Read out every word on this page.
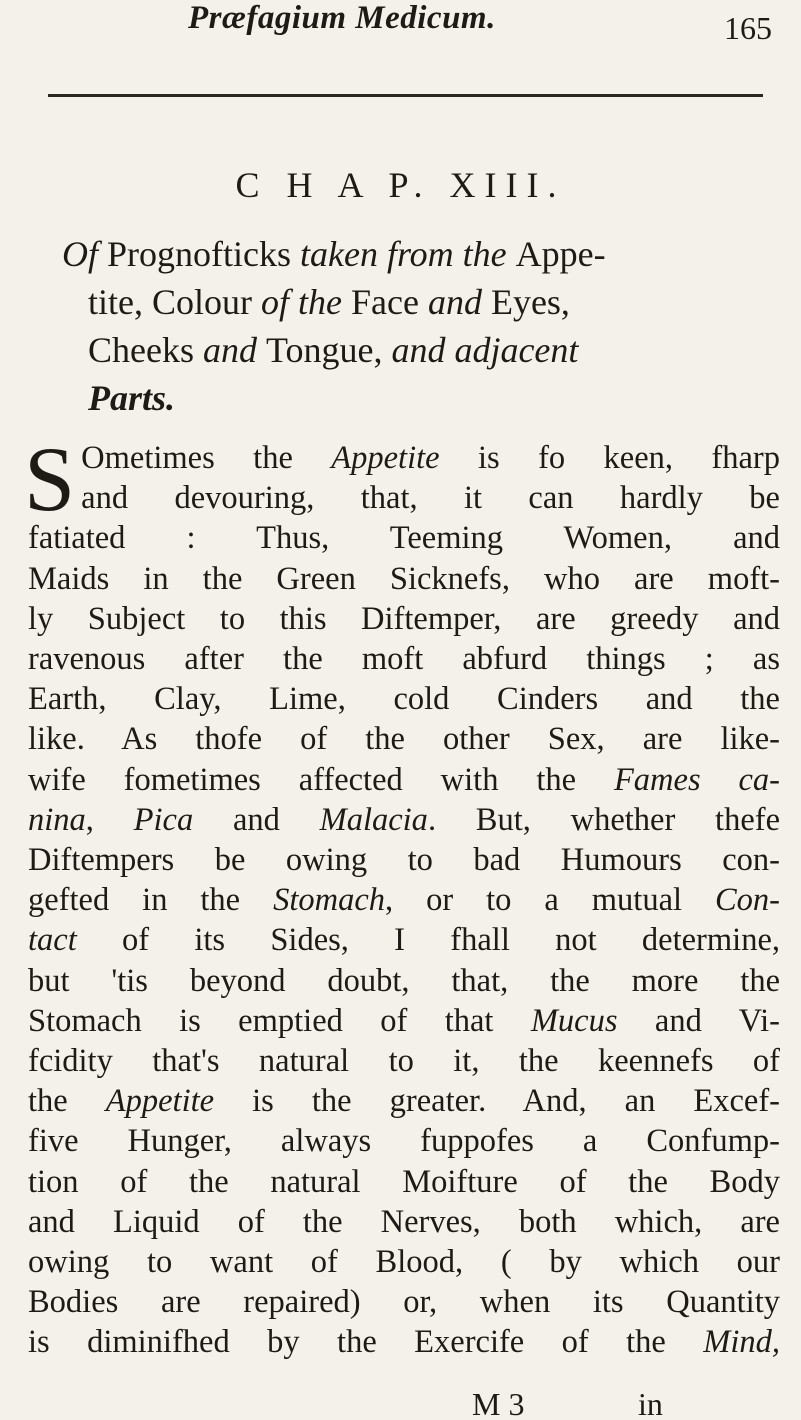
Præfagium Medicum.	165
C H A P. XIII.
Of Prognofticks taken from the Appe-
tite, Colour of the Face and Eyes,
Cheeks and Tongue, and adjacent
Parts.
S Ometimes the Appetite is fo keen, fharp
and devouring, that, it can hardly be
fatiated : Thus, Teeming Women, and
Maids in the Green Sicknefs, who are moft-
ly Subject to this Diftemper, are greedy and
ravenous after the moft abfurd things ; as
Earth, Clay, Lime, cold Cinders and the
like. As thofe of the other Sex, are like-
wife fometimes affected with the Fames ca-
nina, Pica and Malacia. But, whether thefe
Diftempers be owing to bad Humours con-
gefted in the Stomach, or to a mutual Con-
tact of its Sides, I fhall not determine,
but 'tis beyond doubt, that, the more the
Stomach is emptied of that Mucus and Vi-
fcidity that's natural to it, the keennefs of
the Appetite is the greater. And, an Excef-
five Hunger, always fuppofes a Confump-
tion of the natural Moifture of the Body
and Liquid of the Nerves, both which, are
owing to want of Blood, ( by which our
Bodies are repaired) or, when its Quantity
is diminifhed by the Exercife of the Mind,
M 3	in
